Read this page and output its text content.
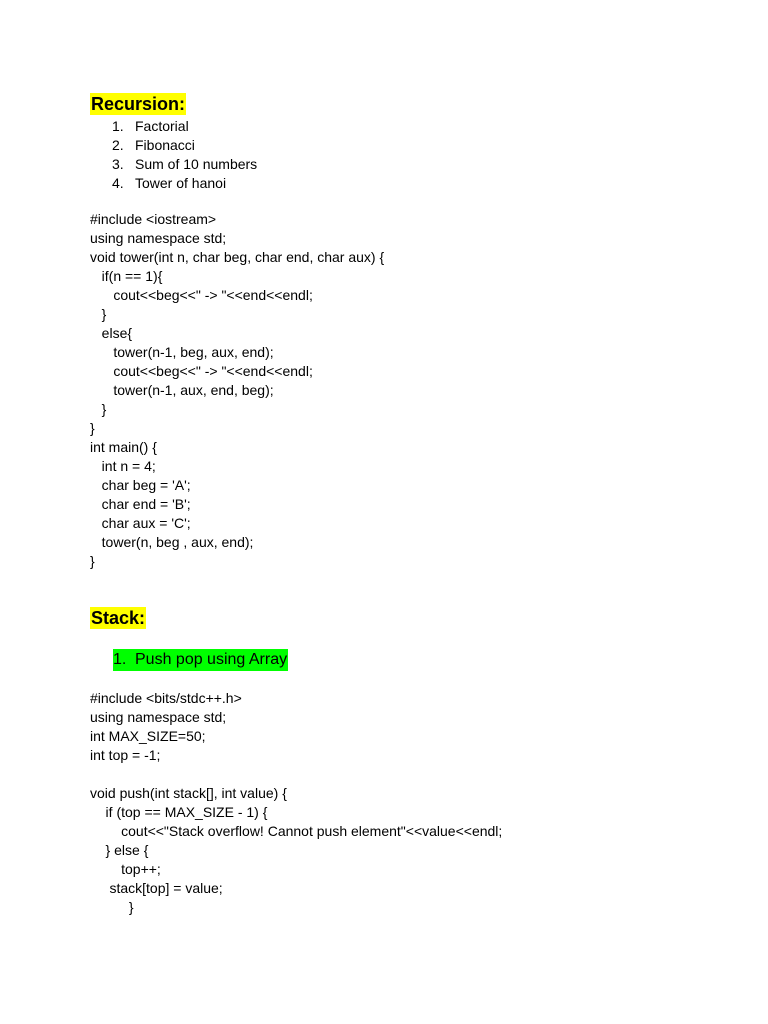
Recursion:
1. Factorial
2. Fibonacci
3. Sum of 10 numbers
4. Tower of hanoi
#include <iostream>
using namespace std;
void tower(int n, char beg, char end, char aux) {
if(n == 1){
cout<<beg<<" -> "<<end<<endl;
}
else{
tower(n-1, beg, aux, end);
cout<<beg<<" -> "<<end<<endl;
tower(n-1, aux, end, beg);
}
}
int main() {
int n = 4;
char beg = 'A';
char end = 'B';
char aux = 'C';
tower(n, beg , aux, end);
}
Stack:
1. Push pop using Array
#include <bits/stdc++.h>
using namespace std;
int MAX_SIZE=50;
int top = -1;
void push(int stack[], int value) {
if (top == MAX_SIZE - 1) {
cout<<"Stack overflow! Cannot push element"<<value<<endl;
} else {
top++;
stack[top] = value;
}
